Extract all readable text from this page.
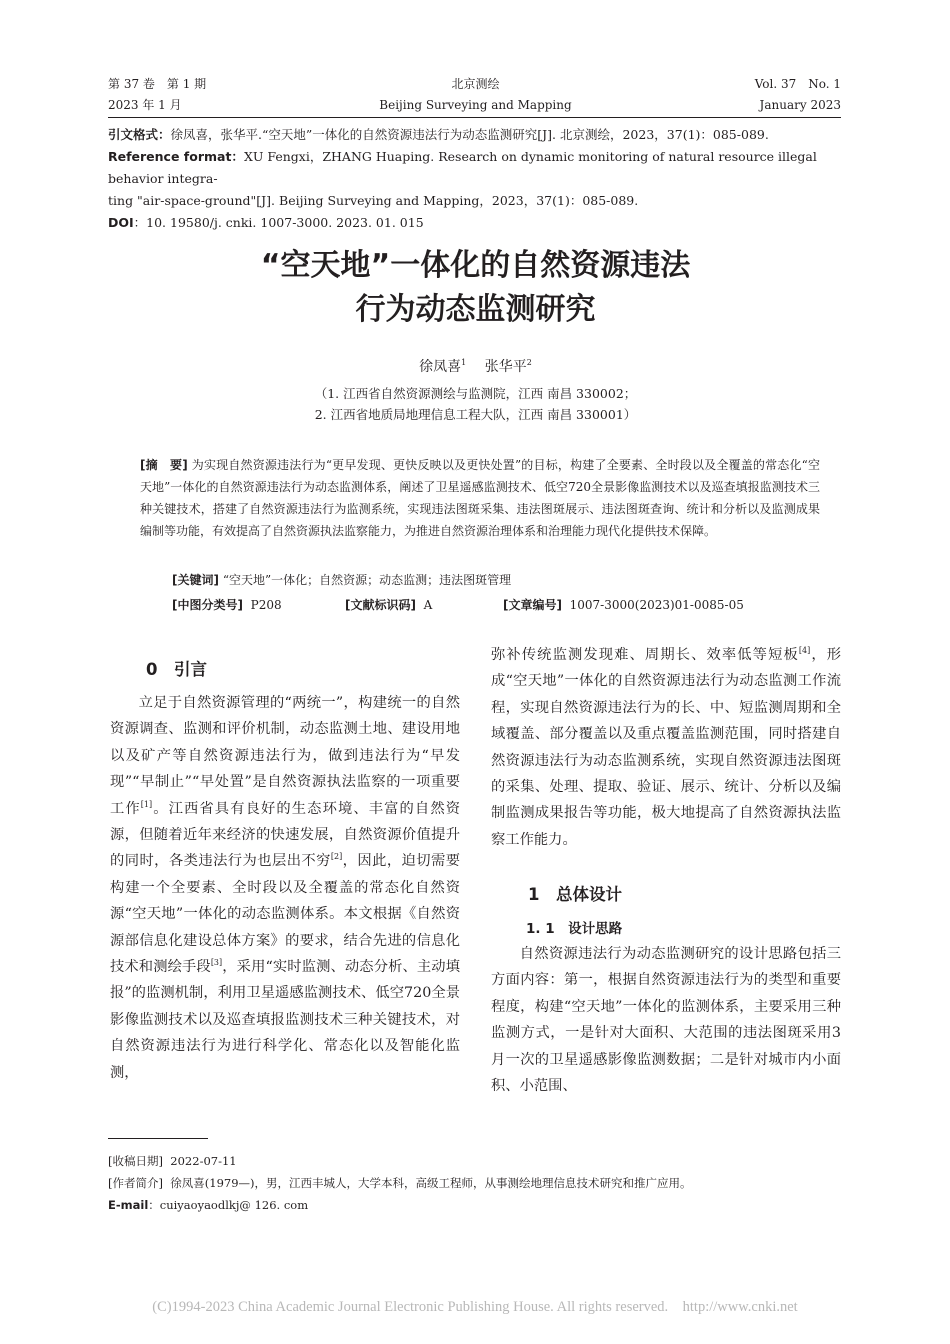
第 37 卷　第 1 期
2023 年 1 月
北京测绘
Beijing Surveying and Mapping
Vol. 37　No. 1
January 2023
引文格式：徐凤喜，张华平.“空天地”一体化的自然资源违法行为动态监测研究[J]. 北京测绘，2023，37(1)：085-089.
Reference format：XU Fengxi，ZHANG Huaping. Research on dynamic monitoring of natural resource illegal behavior integra-
ting "air-space-ground"[J]. Beijing Surveying and Mapping，2023，37(1)：085-089.
DOI：10. 19580/j. cnki. 1007-3000. 2023. 01. 015
“空天地”一体化的自然资源违法
行为动态监测研究
徐凤喜$^1$　 张华平$^2$
（1. 江西省自然资源测绘与监测院，江西 南昌 330002；
2. 江西省地质局地理信息工程大队，江西 南昌 330001）
[摘　要] 为实现自然资源违法行为“更早发现、更快反映以及更快处置”的目标，构建了全要素、全时段以及全覆盖的常态化“空天地”一体化的自然资源违法行为动态监测体系，阐述了卫星遥感监测技术、低空720全景影像监测技术以及巡查填报监测技术三种关键技术，搭建了自然资源违法行为监测系统，实现违法图斑采集、违法图斑展示、违法图斑查询、统计和分析以及监测成果编制等功能，有效提高了自然资源执法监察能力，为推进自然资源治理体系和治理能力现代化提供技术保障。
[关键词] “空天地”一体化；自然资源；动态监测；违法图斑管理
[中图分类号] P208	[文献标识码] A	[文章编号] 1007-3000(2023)01-0085-05
0　引言

立足于自然资源管理的“两统一”，构建统一的自然资源调查、监测和评价机制，动态监测土地、建设用地以及矿产等自然资源违法行为，做到违法行为“早发现”“早制止”“早处置”是自然资源执法监察的一项重要工作[1]。江西省具有良好的生态环境、丰富的自然资源，但随着近年来经济的快速发展，自然资源价值提升的同时，各类违法行为也层出不穷[2]，因此，迫切需要构建一个全要素、全时段以及全覆盖的常态化自然资源“空天地”一体化的动态监测体系。本文根据《自然资源部信息化建设总体方案》的要求，结合先进的信息化技术和测绘手段[3]，采用“实时监测、动态分析、主动填报”的监测机制，利用卫星遥感监测技术、低空720全景影像监测技术以及巡查填报监测技术三种关键技术，对自然资源违法行为进行科学化、常态化以及智能化监测，

弥补传统监测发现难、周期长、效率低等短板[4]，形成“空天地”一体化的自然资源违法行为动态监测工作流程，实现自然资源违法行为的长、中、短监测周期和全域覆盖、部分覆盖以及重点覆盖监测范围，同时搭建自然资源违法行为动态监测系统，实现自然资源违法图斑的采集、处理、提取、验证、展示、统计、分析以及编制监测成果报告等功能，极大地提高了自然资源执法监察工作能力。
1　总体设计
1. 1　设计思路

自然资源违法行为动态监测研究的设计思路包括三方面内容：第一，根据自然资源违法行为的类型和重要程度，构建“空天地”一体化的监测体系，主要采用三种监测方式，一是针对大面积、大范围的违法图斑采用3月一次的卫星遥感影像监测数据；二是针对城市内小面积、小范围、

[收稿日期] 2022-07-11
[作者简介] 徐凤喜(1979—)，男，江西丰城人，大学本科，高级工程师，从事测绘地理信息技术研究和推广应用。
E-mail：cuiyaoyaodlkj@ 126. com
(C)1994-2023 China Academic Journal Electronic Publishing House. All rights reserved.　http://www.cnki.net
